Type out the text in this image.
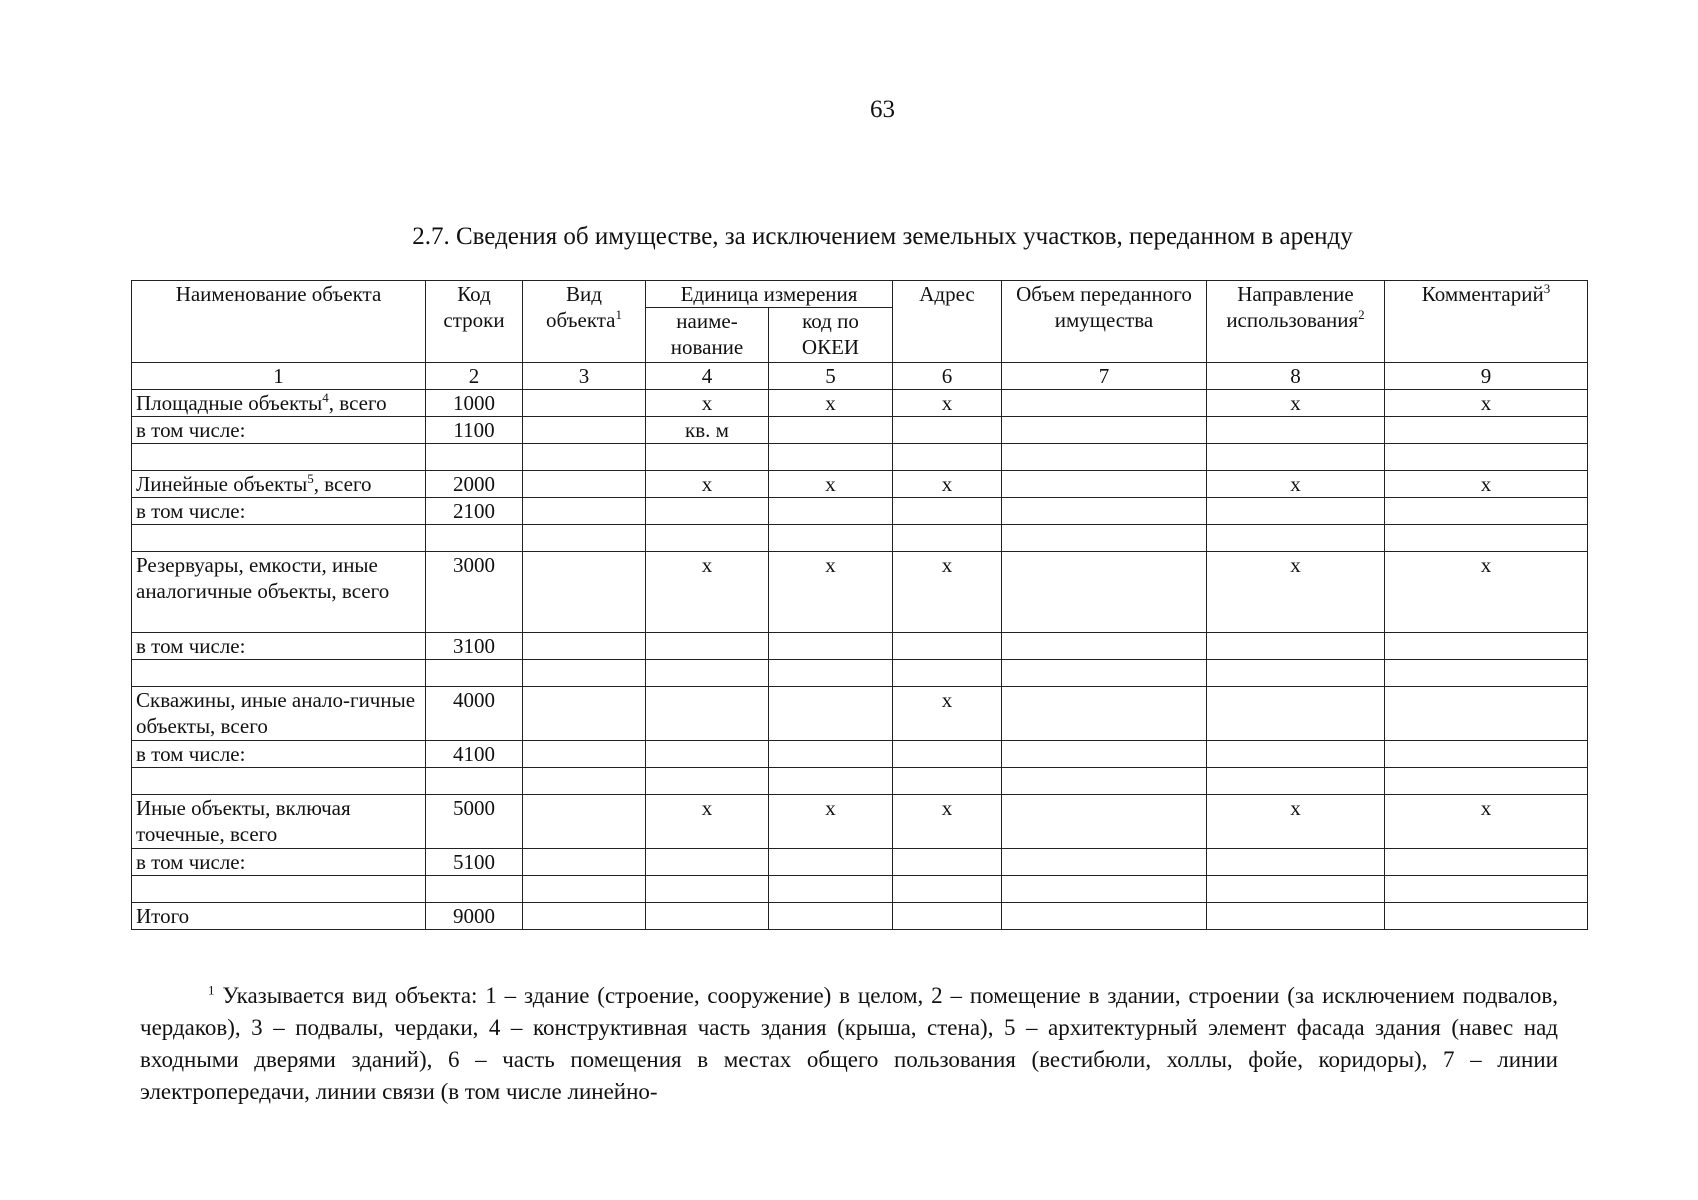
63
2.7. Сведения об имуществе, за исключением земельных участков, переданном в аренду
Наименование объекта	Код строки	Вид объекта$^1$	Единица измерения		Адрес	Объем переданного имущества	Направление использования$^2$	Комментарий$^3$
			наиме-нование	код по ОКЕИ				
1	2	3	4	5	6	7	8	9
Площадные объекты$^4$, всего	1000		х	х	х		х	х
в том числе:	1100		кв. м					

Линейные объекты$^5$, всего	2000		х	х	х		х	х
в том числе:	2100							

Резервуары, емкости, иные аналогичные объекты, всего	3000		х	х	х		х	х
в том числе:	3100							

Скважины, иные анало-гичные объекты, всего	4000				х			
в том числе:	4100							

Иные объекты, включая точечные, всего	5000		х	х	х		х	х
в том числе:	5100							

Итого	9000							
$^1$ Указывается вид объекта: 1 – здание (строение, сооружение) в целом, 2 – помещение в здании, строении (за исключением подвалов, чердаков), 3 – подвалы, чердаки, 4 – конструктивная часть здания (крыша, стена), 5 – архитектурный элемент фасада здания (навес над входными дверями зданий), 6 – часть помещения в местах общего пользования (вестибюли, холлы, фойе, коридоры), 7 – линии электропередачи, линии связи (в том числе линейно-
